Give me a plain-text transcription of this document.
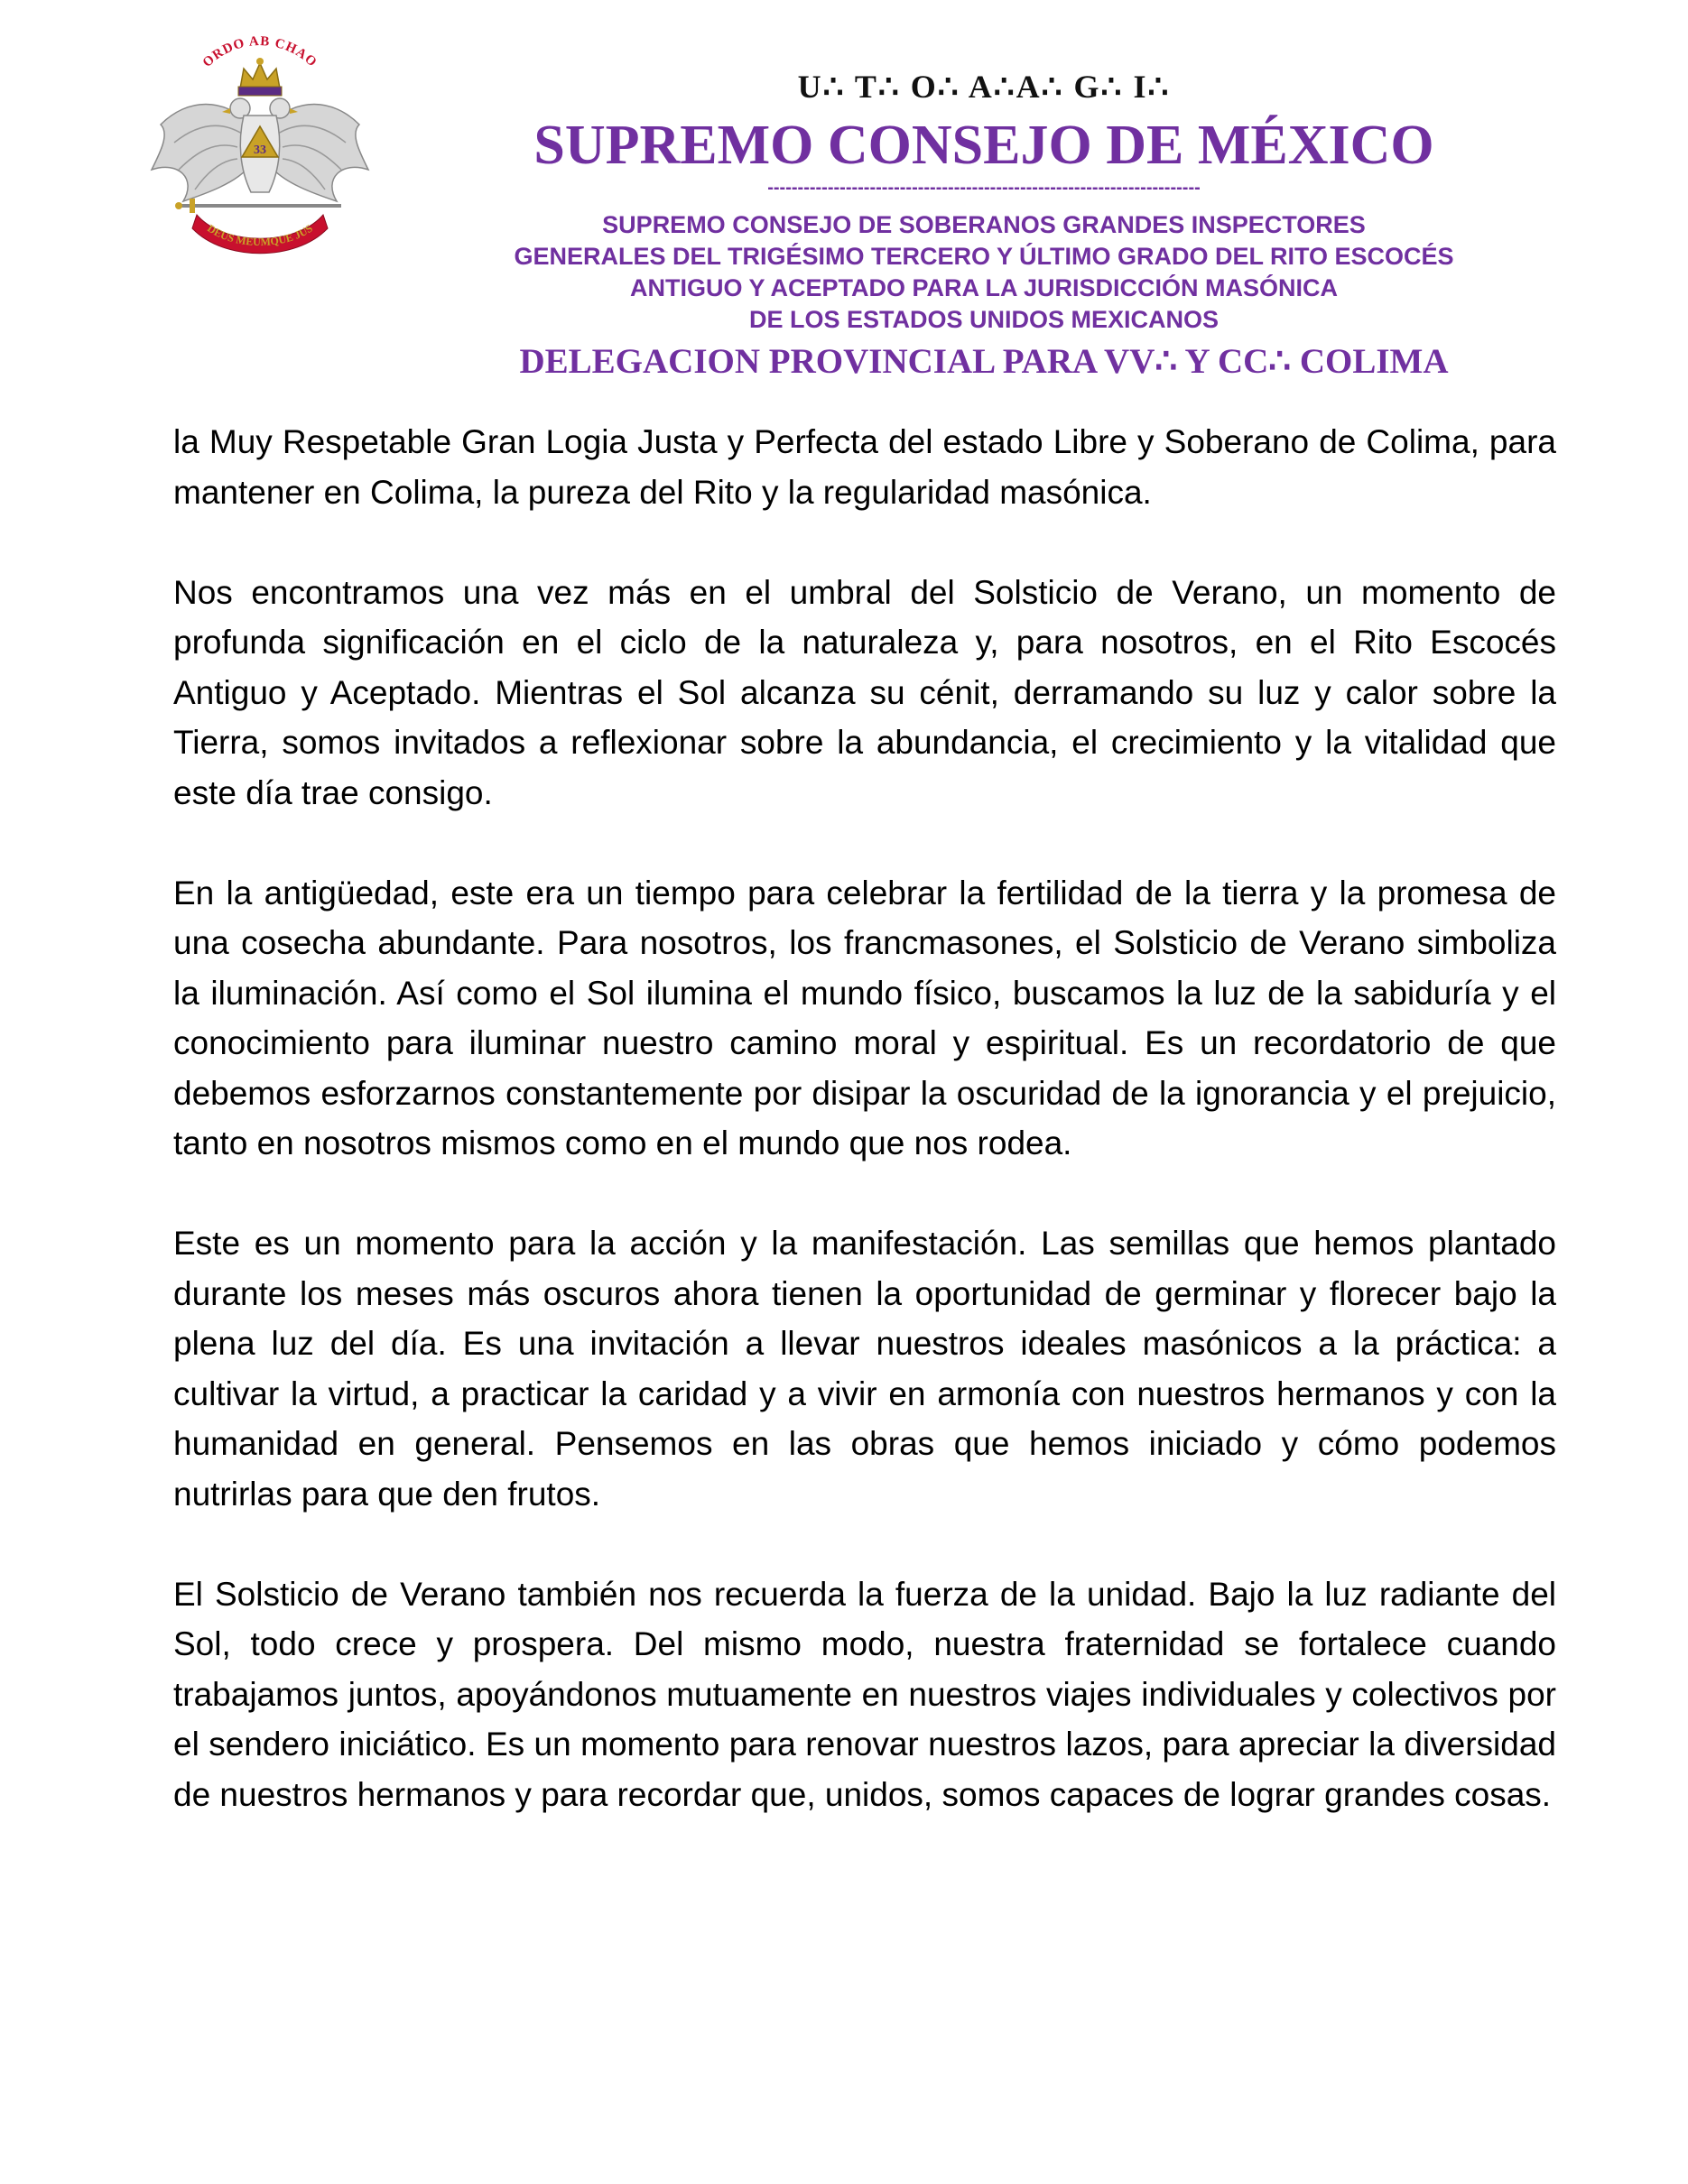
ORDO AB CHAO
33
DEUS MEUMQUE JUS
U∴ T∴ O∴ A∴A∴ G∴ I∴
SUPREMO CONSEJO DE MÉXICO
------------------------------------------------------------------------
SUPREMO CONSEJO DE SOBERANOS GRANDES INSPECTORES
GENERALES DEL TRIGÉSIMO TERCERO Y ÚLTIMO GRADO DEL RITO ESCOCÉS
ANTIGUO Y ACEPTADO PARA LA JURISDICCIÓN MASÓNICA
DE LOS ESTADOS UNIDOS MEXICANOS
DELEGACION PROVINCIAL PARA VV∴ Y CC∴ COLIMA

la Muy Respetable Gran Logia Justa y Perfecta del estado Libre y Soberano de Colima, para mantener en Colima, la pureza del Rito y la regularidad masónica.

Nos encontramos una vez más en el umbral del Solsticio de Verano, un momento de profunda significación en el ciclo de la naturaleza y, para nosotros, en el Rito Escocés Antiguo y Aceptado. Mientras el Sol alcanza su cénit, derramando su luz y calor sobre la Tierra, somos invitados a reflexionar sobre la abundancia, el crecimiento y la vitalidad que este día trae consigo.

En la antigüedad, este era un tiempo para celebrar la fertilidad de la tierra y la promesa de una cosecha abundante. Para nosotros, los francmasones, el Solsticio de Verano simboliza la iluminación. Así como el Sol ilumina el mundo físico, buscamos la luz de la sabiduría y el conocimiento para iluminar nuestro camino moral y espiritual. Es un recordatorio de que debemos esforzarnos constantemente por disipar la oscuridad de la ignorancia y el prejuicio, tanto en nosotros mismos como en el mundo que nos rodea.

Este es un momento para la acción y la manifestación. Las semillas que hemos plantado durante los meses más oscuros ahora tienen la oportunidad de germinar y florecer bajo la plena luz del día. Es una invitación a llevar nuestros ideales masónicos a la práctica: a cultivar la virtud, a practicar la caridad y a vivir en armonía con nuestros hermanos y con la humanidad en general. Pensemos en las obras que hemos iniciado y cómo podemos nutrirlas para que den frutos.

El Solsticio de Verano también nos recuerda la fuerza de la unidad. Bajo la luz radiante del Sol, todo crece y prospera. Del mismo modo, nuestra fraternidad se fortalece cuando trabajamos juntos, apoyándonos mutuamente en nuestros viajes individuales y colectivos por el sendero iniciático. Es un momento para renovar nuestros lazos, para apreciar la diversidad de nuestros hermanos y para recordar que, unidos, somos capaces de lograr grandes cosas.
